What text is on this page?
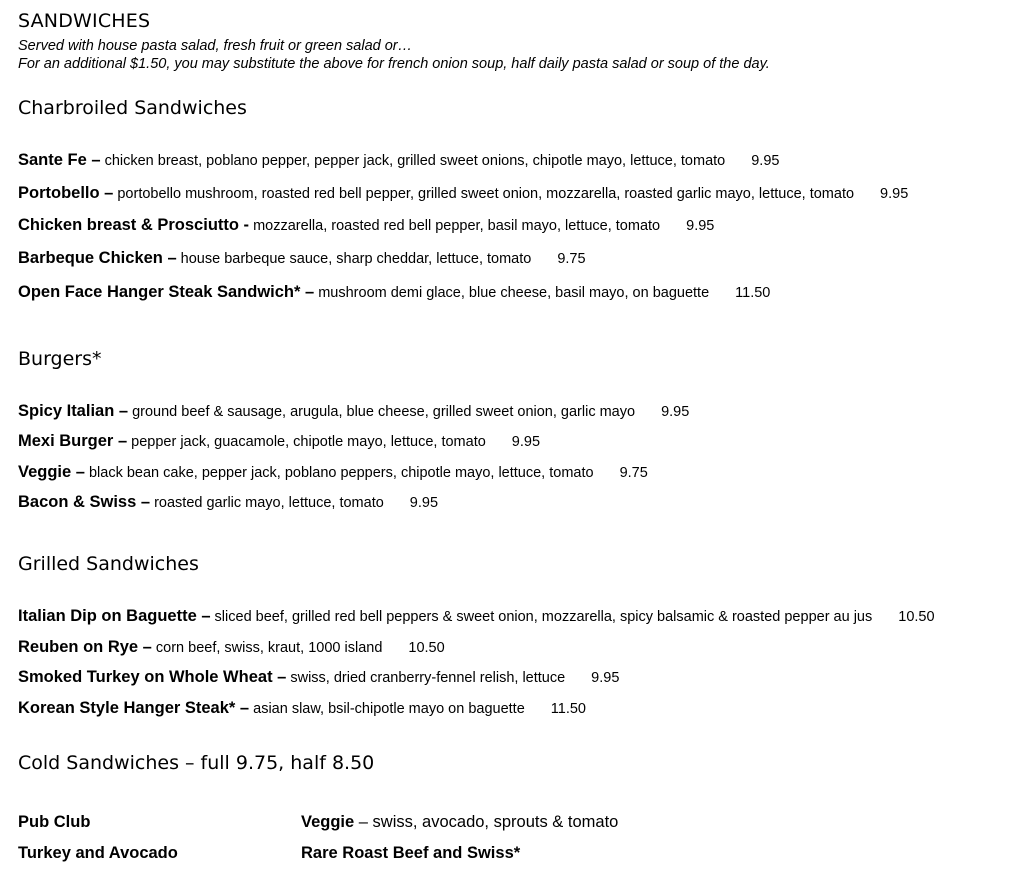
SANDWICHES
Served with house pasta salad, fresh fruit or green salad or…
For an additional $1.50, you may substitute the above for french onion soup, half daily pasta salad or soup of the day.
Charbroiled Sandwiches
Sante Fe – chicken breast, poblano pepper, pepper jack, grilled sweet onions, chipotle mayo, lettuce, tomato 9.95
Portobello – portobello mushroom, roasted red bell pepper, grilled sweet onion, mozzarella, roasted garlic mayo, lettuce, tomato 9.95
Chicken breast & Prosciutto - mozzarella, roasted red bell pepper, basil mayo, lettuce, tomato 9.95
Barbeque Chicken – house barbeque sauce, sharp cheddar, lettuce, tomato 9.75
Open Face Hanger Steak Sandwich* – mushroom demi glace, blue cheese, basil mayo, on baguette 11.50
Burgers*
Spicy Italian – ground beef & sausage, arugula, blue cheese, grilled sweet onion, garlic mayo 9.95
Mexi Burger – pepper jack, guacamole, chipotle mayo, lettuce, tomato 9.95
Veggie – black bean cake, pepper jack, poblano peppers, chipotle mayo, lettuce, tomato 9.75
Bacon & Swiss – roasted garlic mayo, lettuce, tomato 9.95
Grilled Sandwiches
Italian Dip on Baguette – sliced beef, grilled red bell peppers & sweet onion, mozzarella, spicy balsamic & roasted pepper au jus 10.50
Reuben on Rye – corn beef, swiss, kraut, 1000 island 10.50
Smoked Turkey on Whole Wheat – swiss, dried cranberry-fennel relish, lettuce 9.95
Korean Style Hanger Steak* – asian slaw, bsil-chipotle mayo on baguette 11.50
Cold Sandwiches – full 9.75, half 8.50
Pub Club
Turkey and Avocado
Veggie – swiss, avocado, sprouts & tomato
Rare Roast Beef and Swiss*
